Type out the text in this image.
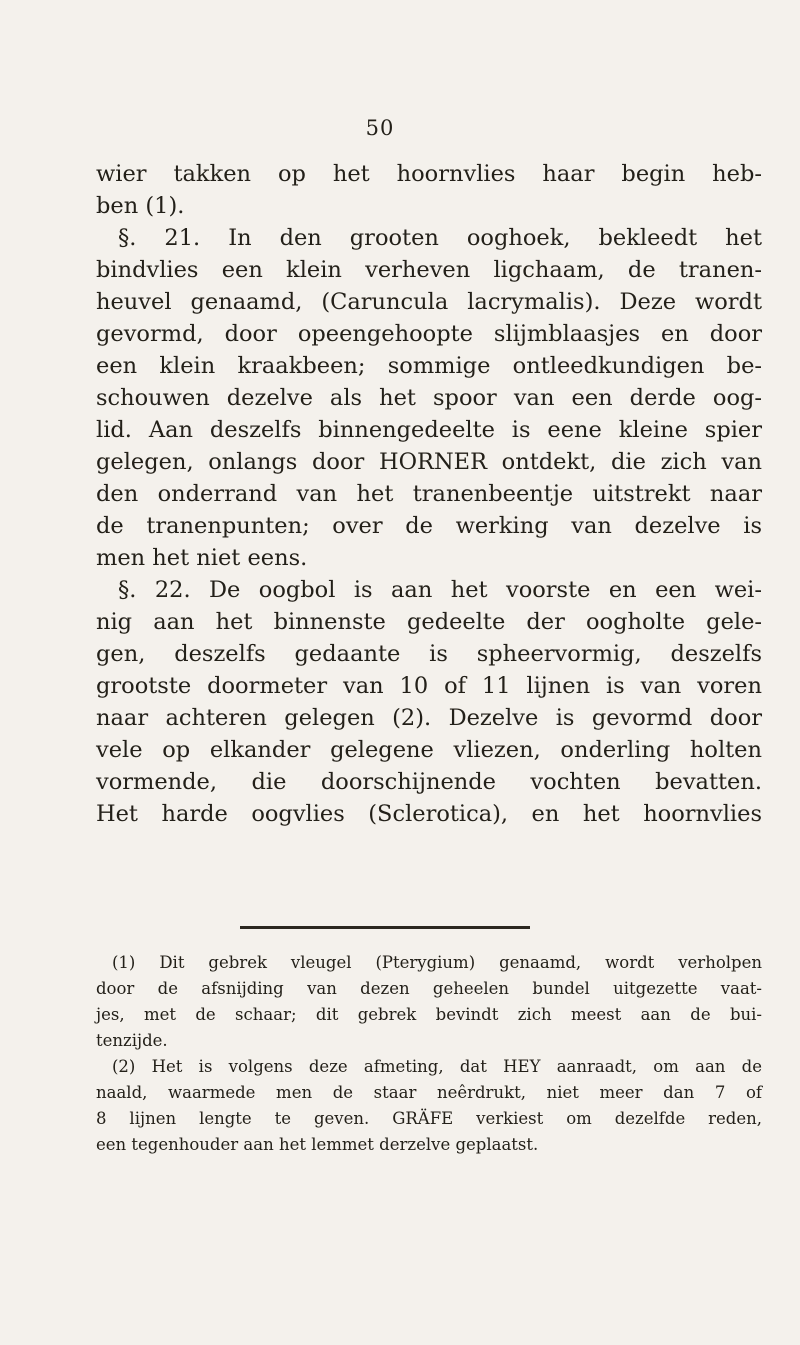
50
wier takken op het hoornvlies haar begin heb-
ben (1).
§. 21. In den grooten ooghoek, bekleedt het
bindvlies een klein verheven ligchaam, de tranen-
heuvel genaamd, (Caruncula lacrymalis). Deze wordt
gevormd, door opeengehoopte slijmblaasjes en door
een klein kraakbeen; sommige ontleedkundigen be-
schouwen dezelve als het spoor van een derde oog-
lid. Aan deszelfs binnengedeelte is eene kleine spier
gelegen, onlangs door HORNER ontdekt, die zich van
den onderrand van het tranenbeentje uitstrekt naar
de tranenpunten; over de werking van dezelve is
men het niet eens.
§. 22. De oogbol is aan het voorste en een wei-
nig aan het binnenste gedeelte der oogholte gele-
gen, deszelfs gedaante is spheervormig, deszelfs
grootste doormeter van 10 of 11 lijnen is van voren
naar achteren gelegen (2). Dezelve is gevormd door
vele op elkander gelegene vliezen, onderling holten
vormende, die doorschijnende vochten bevatten.
Het harde oogvlies (Sclerotica), en het hoornvlies
(1) Dit gebrek vleugel (Pterygium) genaamd, wordt verholpen
door de afsnijding van dezen geheelen bundel uitgezette vaat-
jes, met de schaar; dit gebrek bevindt zich meest aan de bui-
tenzijde.
(2) Het is volgens deze afmeting, dat HEY aanraadt, om aan de
naald, waarmede men de staar neêrdrukt, niet meer dan 7 of
8 lijnen lengte te geven. GRÄFE verkiest om dezelfde reden,
een tegenhouder aan het lemmet derzelve geplaatst.
